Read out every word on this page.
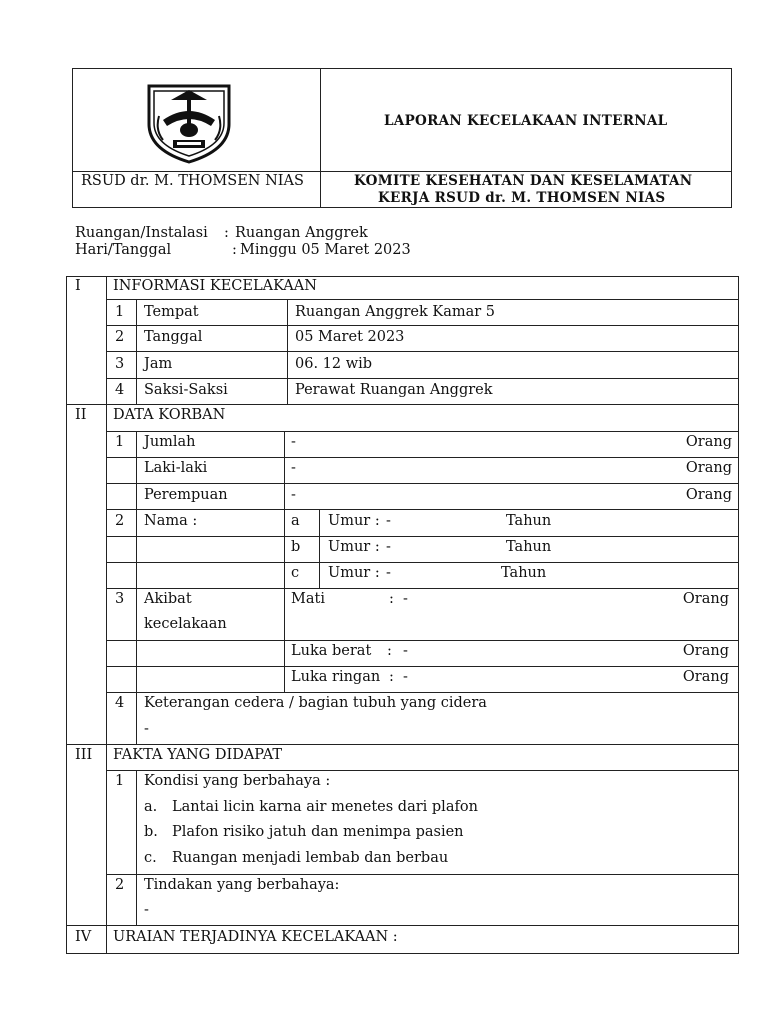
LAPORAN KECELAKAAN INTERNAL
RSUD dr. M. THOMSEN NIAS	KOMITE KESEHATAN DAN KESELAMATAN
KERJA RSUD dr. M. THOMSEN NIAS
Ruangan/Instalasi : Ruangan Anggrek
Hari/Tanggal	: Minggu 05 Maret 2023
I INFORMASI KECELAKAAN
1 Tempat	Ruangan Anggrek Kamar 5
2 Tanggal	05 Maret 2023
3 Jam	06. 12 wib
4 Saksi-Saksi	Perawat Ruangan Anggrek
II DATA KORBAN
1 Jumlah	-	Orang
Laki-laki	-	Orang
Perempuan	-	Orang
2 Nama :	a Umur : -	Tahun
b Umur : -	Tahun
c Umur : -	Tahun
3 Akibat
kecelakaan
Mati	: -	Orang
Luka berat : -	Orang
Luka ringan : -	Orang
4 Keterangan cedera / bagian tubuh yang cidera
-
III FAKTA YANG DIDAPAT
1 Kondisi yang berbahaya :
a. Lantai licin karna air menetes dari plafon
b. Plafon risiko jatuh dan menimpa pasien
c. Ruangan menjadi lembab dan berbau
2 Tindakan yang berbahaya:
-
IV URAIAN TERJADINYA KECELAKAAN :
